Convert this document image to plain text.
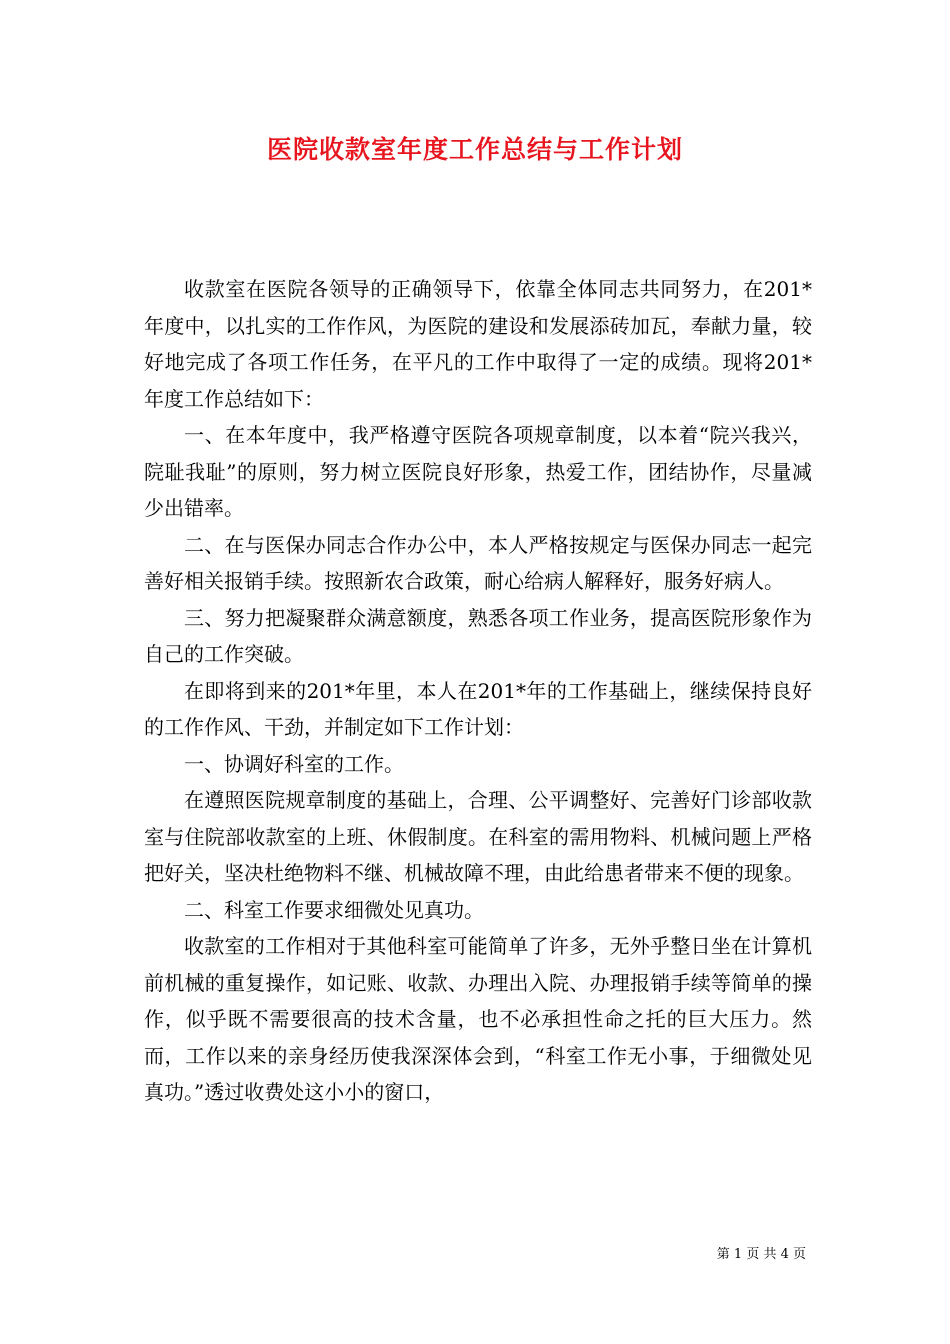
医院收款室年度工作总结与工作计划

收款室在医院各领导的正确领导下，依靠全体同志共同努力，在201*年度中，以扎实的工作作风，为医院的建设和发展添砖加瓦，奉献力量，较好地完成了各项工作任务，在平凡的工作中取得了一定的成绩。现将201*年度工作总结如下：

一、在本年度中，我严格遵守医院各项规章制度，以本着“院兴我兴，院耻我耻”的原则，努力树立医院良好形象，热爱工作，团结协作，尽量减少出错率。

二、在与医保办同志合作办公中，本人严格按规定与医保办同志一起完善好相关报销手续。按照新农合政策，耐心给病人解释好，服务好病人。

三、努力把凝聚群众满意额度，熟悉各项工作业务，提高医院形象作为自己的工作突破。

在即将到来的201*年里，本人在201*年的工作基础上，继续保持良好的工作作风、干劲，并制定如下工作计划：

一、协调好科室的工作。

在遵照医院规章制度的基础上，合理、公平调整好、完善好门诊部收款室与住院部收款室的上班、休假制度。在科室的需用物料、机械问题上严格把好关，坚决杜绝物料不继、机械故障不理，由此给患者带来不便的现象。

二、科室工作要求细微处见真功。

收款室的工作相对于其他科室可能简单了许多，无外乎整日坐在计算机前机械的重复操作，如记账、收款、办理出入院、办理报销手续等简单的操作，似乎既不需要很高的技术含量，也不必承担性命之托的巨大压力。然而，工作以来的亲身经历使我深深体会到，“科室工作无小事，于细微处见真功。”透过收费处这小小的窗口，

第 1 页 共 4 页
